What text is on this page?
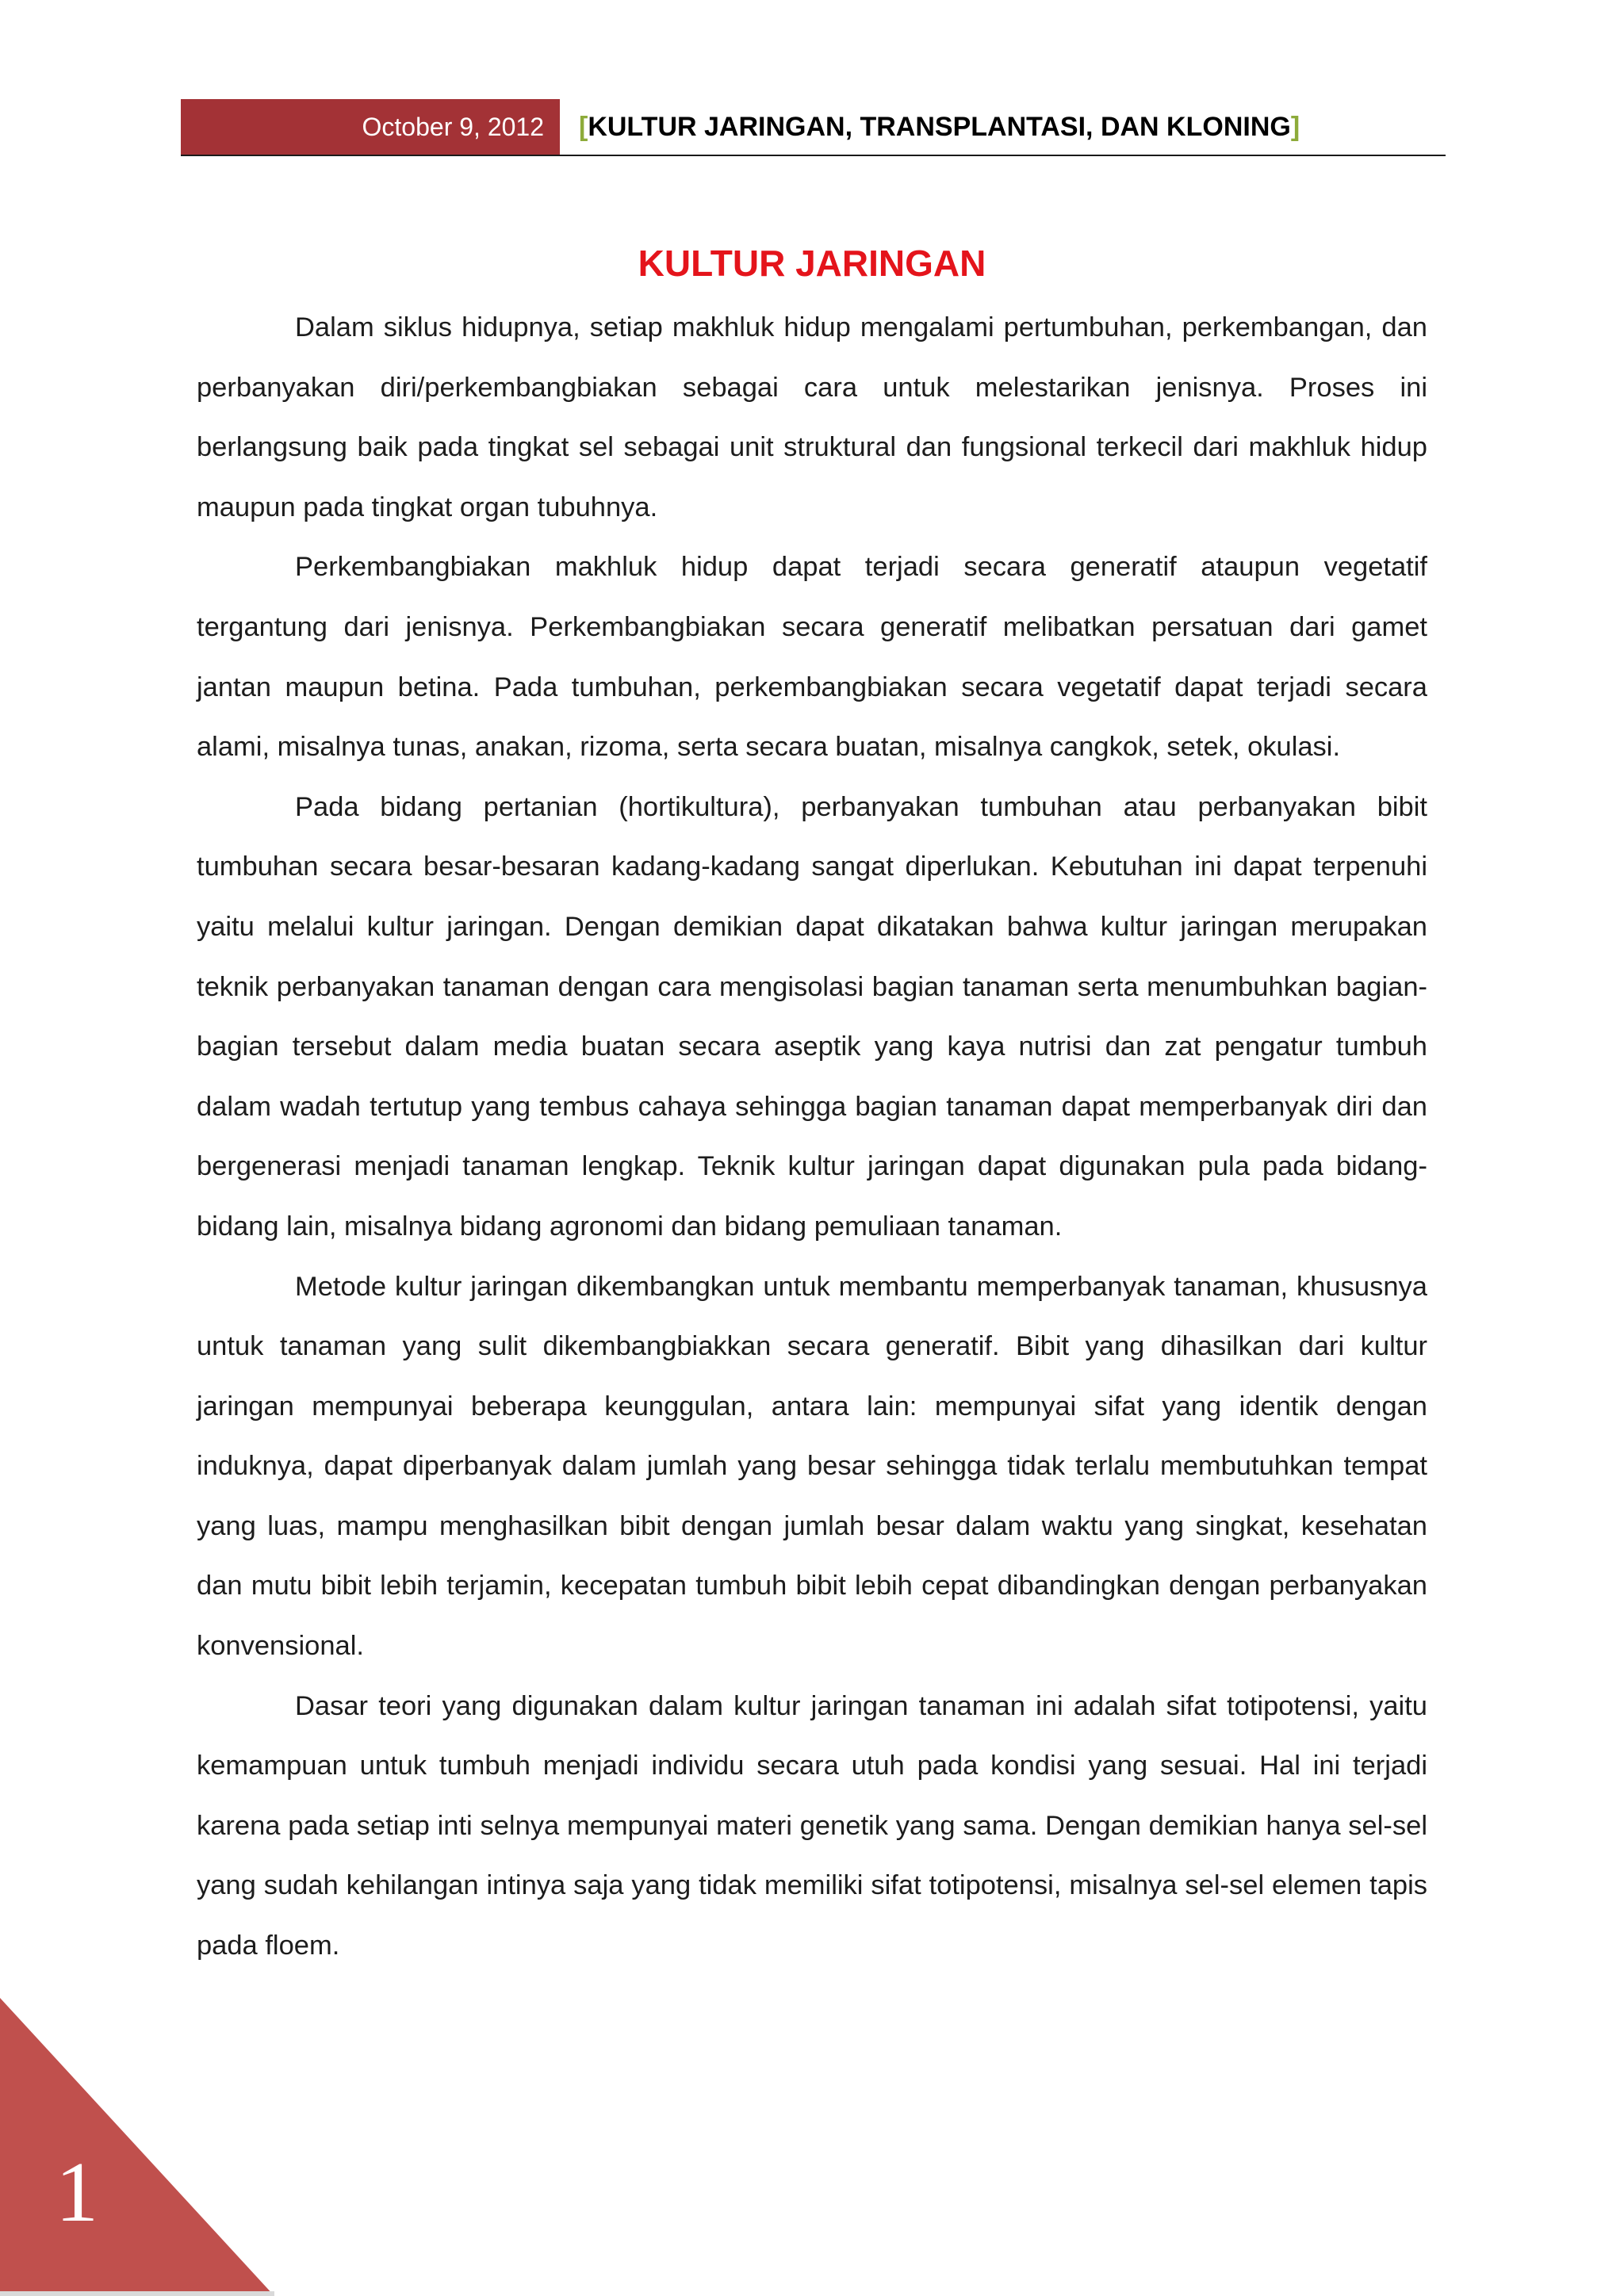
October 9, 2012	[ KULTUR JARINGAN, TRANSPLANTASI, DAN KLONING ]
KULTUR JARINGAN

Dalam siklus hidupnya, setiap makhluk hidup mengalami pertumbuhan, perkembangan, dan perbanyakan diri/perkembangbiakan sebagai cara untuk melestarikan jenisnya. Proses ini berlangsung baik pada tingkat sel sebagai unit struktural dan fungsional terkecil dari makhluk hidup maupun pada tingkat organ tubuhnya.

Perkembangbiakan makhluk hidup dapat terjadi secara generatif ataupun vegetatif tergantung dari jenisnya. Perkembangbiakan secara generatif melibatkan persatuan dari gamet jantan maupun betina. Pada tumbuhan, perkembangbiakan secara vegetatif dapat terjadi secara alami, misalnya tunas, anakan, rizoma, serta secara buatan, misalnya cangkok, setek, okulasi.

Pada bidang pertanian (hortikultura), perbanyakan tumbuhan atau perbanyakan bibit tumbuhan secara besar-besaran kadang-kadang sangat diperlukan. Kebutuhan ini dapat terpenuhi yaitu melalui kultur jaringan. Dengan demikian dapat dikatakan bahwa kultur jaringan merupakan teknik perbanyakan tanaman dengan cara mengisolasi bagian tanaman serta menumbuhkan bagian-bagian tersebut dalam media buatan secara aseptik yang kaya nutrisi dan zat pengatur tumbuh dalam wadah tertutup yang tembus cahaya sehingga bagian tanaman dapat memperbanyak diri dan bergenerasi menjadi tanaman lengkap. Teknik kultur jaringan dapat digunakan pula pada bidang-bidang lain, misalnya bidang agronomi dan bidang pemuliaan tanaman.

Metode kultur jaringan dikembangkan untuk membantu memperbanyak tanaman, khususnya untuk tanaman yang sulit dikembangbiakkan secara generatif. Bibit yang dihasilkan dari kultur jaringan mempunyai beberapa keunggulan, antara lain: mempunyai sifat yang identik dengan induknya, dapat diperbanyak dalam jumlah yang besar sehingga tidak terlalu membutuhkan tempat yang luas, mampu menghasilkan bibit dengan jumlah besar dalam waktu yang singkat, kesehatan dan mutu bibit lebih terjamin, kecepatan tumbuh bibit lebih cepat dibandingkan dengan perbanyakan konvensional.

Dasar teori yang digunakan dalam kultur jaringan tanaman ini adalah sifat totipotensi, yaitu kemampuan untuk tumbuh menjadi individu secara utuh pada kondisi yang sesuai. Hal ini terjadi karena pada setiap inti selnya mempunyai materi genetik yang sama. Dengan demikian hanya sel-sel yang sudah kehilangan intinya saja yang tidak memiliki sifat totipotensi, misalnya sel-sel elemen tapis pada floem.

1
